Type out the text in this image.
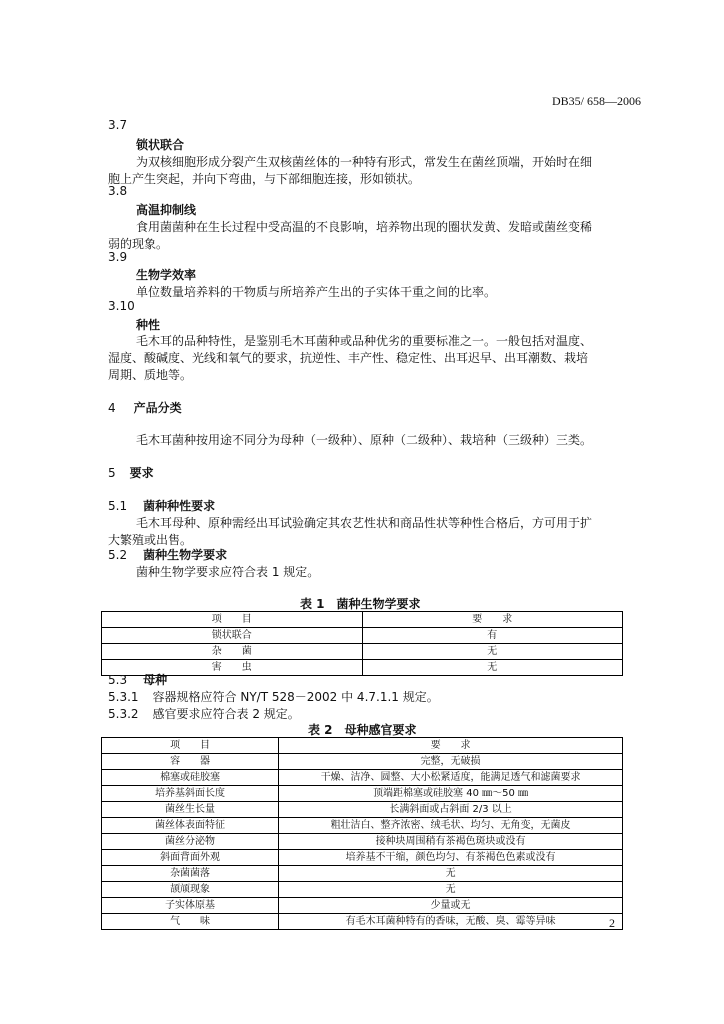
DB35/ 658—2006
3.7
锁状联合
为双核细胞形成分裂产生双核菌丝体的一种特有形式，常发生在菌丝顶端，开始时在细
胞上产生突起，并向下弯曲，与下部细胞连接，形如锁状。
3.8
高温抑制线
食用菌菌种在生长过程中受高温的不良影响，培养物出现的圈状发黄、发暗或菌丝变稀
弱的现象。
3.9
生物学效率
单位数量培养料的干物质与所培养产生出的子实体干重之间的比率。
3.10
种性
毛木耳的品种特性，是鉴别毛木耳菌种或品种优劣的重要标准之一。一般包括对温度、
湿度、酸碱度、光线和氧气的要求，抗逆性、丰产性、稳定性、出耳迟早、出耳潮数、栽培
周期、质地等。
4 产品分类
毛木耳菌种按用途不同分为母种（一级种）、原种（二级种）、栽培种（三级种）三类。
5 要求
5.1 菌种种性要求
毛木耳母种、原种需经出耳试验确定其农艺性状和商品性状等种性合格后，方可用于扩
大繁殖或出售。
5.2 菌种生物学要求
菌种生物学要求应符合表 1 规定。
表 1　菌种生物学要求
项　　目	要　　求
锁状联合	有
杂　　菌	无
害　　虫	无
5.3 母种
5.3.1 容器规格应符合 NY/T 528－2002 中 4.7.1.1 规定。
5.3.2 感官要求应符合表 2 规定。
表 2　母种感官要求
项　　目	要　　求
容　　器	完整，无破损
棉塞或硅胶塞	干燥、洁净、圆整、大小松紧适度，能满足透气和滤菌要求
培养基斜面长度	顶端距棉塞或硅胶塞 40 ㎜～50 ㎜
菌丝生长量	长满斜面或占斜面 2/3 以上
菌丝体表面特征	粗壮洁白、整齐浓密、绒毛状、均匀、无角变，无菌皮
菌丝分泌物	接种块周围稍有茶褐色斑块或没有
斜面背面外观	培养基不干缩，颜色均匀、有茶褐色色素或没有
杂菌菌落	无
颉颃现象	无
子实体原基	少量或无
气　　味	有毛木耳菌种特有的香味，无酸、臭、霉等异味	2
